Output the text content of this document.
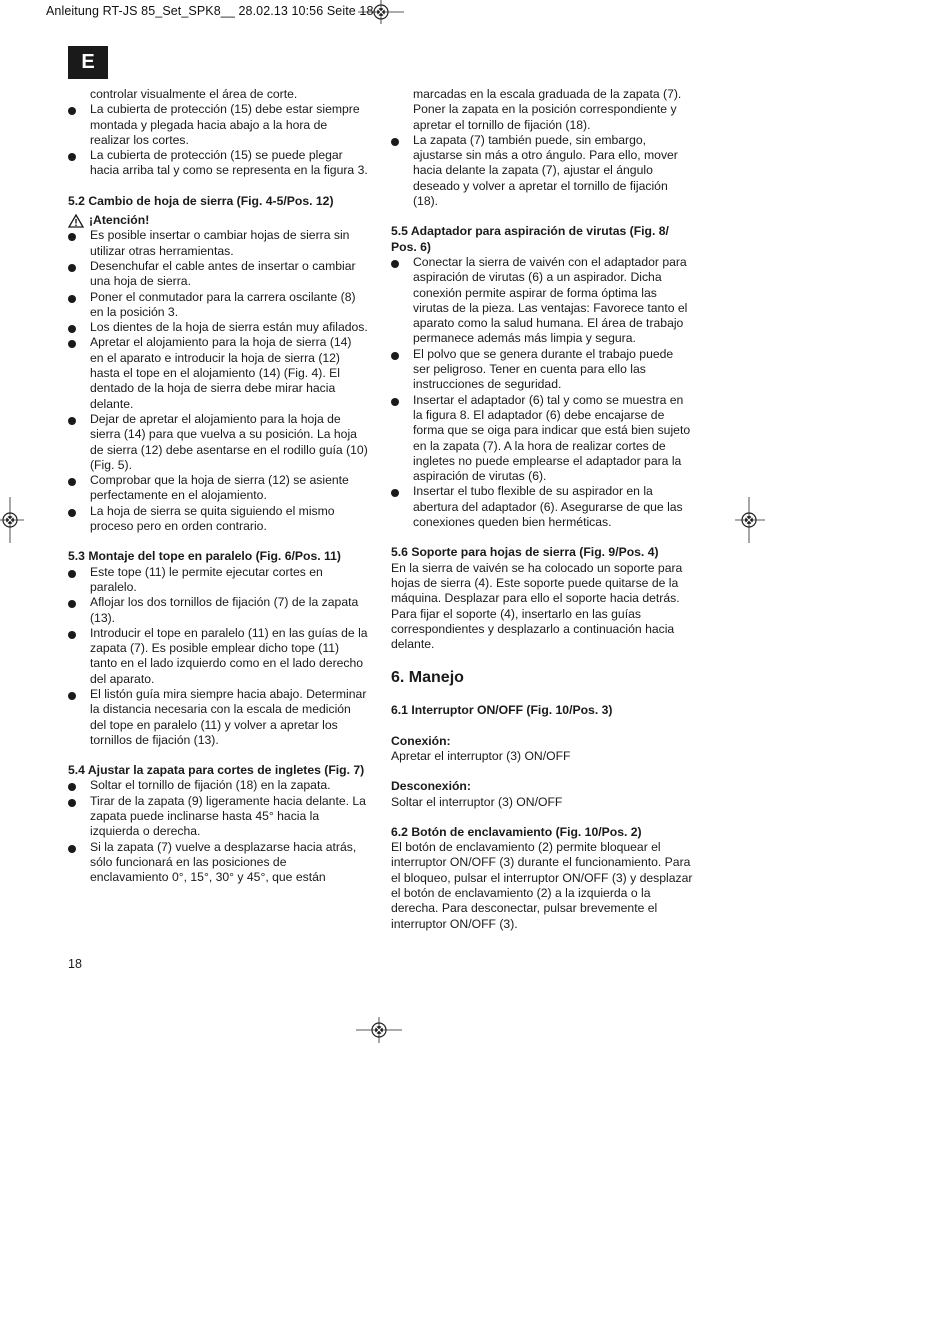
Anleitung RT-JS 85_Set_SPK8__ 28.02.13 10:56 Seite 18
E

controlar visualmente el área de corte.

La cubierta de protección (15) debe estar siempre montada y plegada hacia abajo a la hora de realizar los cortes.
La cubierta de protección (15) se puede plegar hacia arriba tal y como se representa en la figura 3.
5.2 Cambio de hoja de sierra (Fig. 4-5/Pos. 12)
¡Atención!
Es posible insertar o cambiar hojas de sierra sin utilizar otras herramientas.
Desenchufar el cable antes de insertar o cambiar una hoja de sierra.
Poner el conmutador para la carrera oscilante (8) en la posición 3.
Los dientes de la hoja de sierra están muy afilados.
Apretar el alojamiento para la hoja de sierra (14) en el aparato e introducir la hoja de sierra (12) hasta el tope en el alojamiento (14) (Fig. 4). El dentado de la hoja de sierra debe mirar hacia delante.
Dejar de apretar el alojamiento para la hoja de sierra (14) para que vuelva a su posición. La hoja de sierra (12) debe asentarse en el rodillo guía (10) (Fig. 5).
Comprobar que la hoja de sierra (12) se asiente perfectamente en el alojamiento.
La hoja de sierra se quita siguiendo el mismo proceso pero en orden contrario.
5.3 Montaje del tope en paralelo (Fig. 6/Pos. 11)
Este tope (11) le permite ejecutar cortes en paralelo.
Aflojar los dos tornillos de fijación (7) de la zapata (13).
Introducir el tope en paralelo (11) en las guías de la zapata (7). Es posible emplear dicho tope (11) tanto en el lado izquierdo como en el lado derecho del aparato.
El listón guía mira siempre hacia abajo. Determinar la distancia necesaria con la escala de medición del tope en paralelo (11) y volver a apretar los tornillos de fijación (13).
5.4 Ajustar la zapata para cortes de ingletes (Fig. 7)
Soltar el tornillo de fijación (18) en la zapata.
Tirar de la zapata (9) ligeramente hacia delante. La zapata puede inclinarse hasta 45° hacia la izquierda o derecha.
Si la zapata (7) vuelve a desplazarse hacia atrás, sólo funcionará en las posiciones de enclavamiento 0°, 15°, 30° y 45°, que están

marcadas en la escala graduada de la zapata (7). Poner la zapata en la posición correspondiente y apretar el tornillo de fijación (18).

La zapata (7) también puede, sin embargo, ajustarse sin más a otro ángulo. Para ello, mover hacia delante la zapata (7), ajustar el ángulo deseado y volver a apretar el tornillo de fijación (18).
5.5 Adaptador para aspiración de virutas (Fig. 8/ Pos. 6)
Conectar la sierra de vaivén con el adaptador para aspiración de virutas (6) a un aspirador. Dicha conexión permite aspirar de forma óptima las virutas de la pieza. Las ventajas: Favorece tanto el aparato como la salud humana. El área de trabajo permanece además más limpia y segura.
El polvo que se genera durante el trabajo puede ser peligroso. Tener en cuenta para ello las instrucciones de seguridad.
Insertar el adaptador (6) tal y como se muestra en la figura 8. El adaptador (6) debe encajarse de forma que se oiga para indicar que está bien sujeto en la zapata (7). A la hora de realizar cortes de ingletes no puede emplearse el adaptador para la aspiración de virutas (6).
Insertar el tubo flexible de su aspirador en la abertura del adaptador (6). Asegurarse de que las conexiones queden bien herméticas.
5.6 Soporte para hojas de sierra (Fig. 9/Pos. 4)

En la sierra de vaivén se ha colocado un soporte para hojas de sierra (4). Este soporte puede quitarse de la máquina. Desplazar para ello el soporte hacia detrás. Para fijar el soporte (4), insertarlo en las guías correspondientes y desplazarlo a continuación hacia delante.

6. Manejo
6.1 Interruptor ON/OFF (Fig. 10/Pos. 3)

Conexión:

Apretar el interruptor (3) ON/OFF

Desconexión:

Soltar el interruptor (3) ON/OFF

6.2 Botón de enclavamiento (Fig. 10/Pos. 2)

El botón de enclavamiento (2) permite bloquear el interruptor ON/OFF (3) durante el funcionamiento. Para el bloqueo, pulsar el interruptor ON/OFF (3) y desplazar el botón de enclavamiento (2) a la izquierda o la derecha. Para desconectar, pulsar brevemente el interruptor ON/OFF (3).

18
